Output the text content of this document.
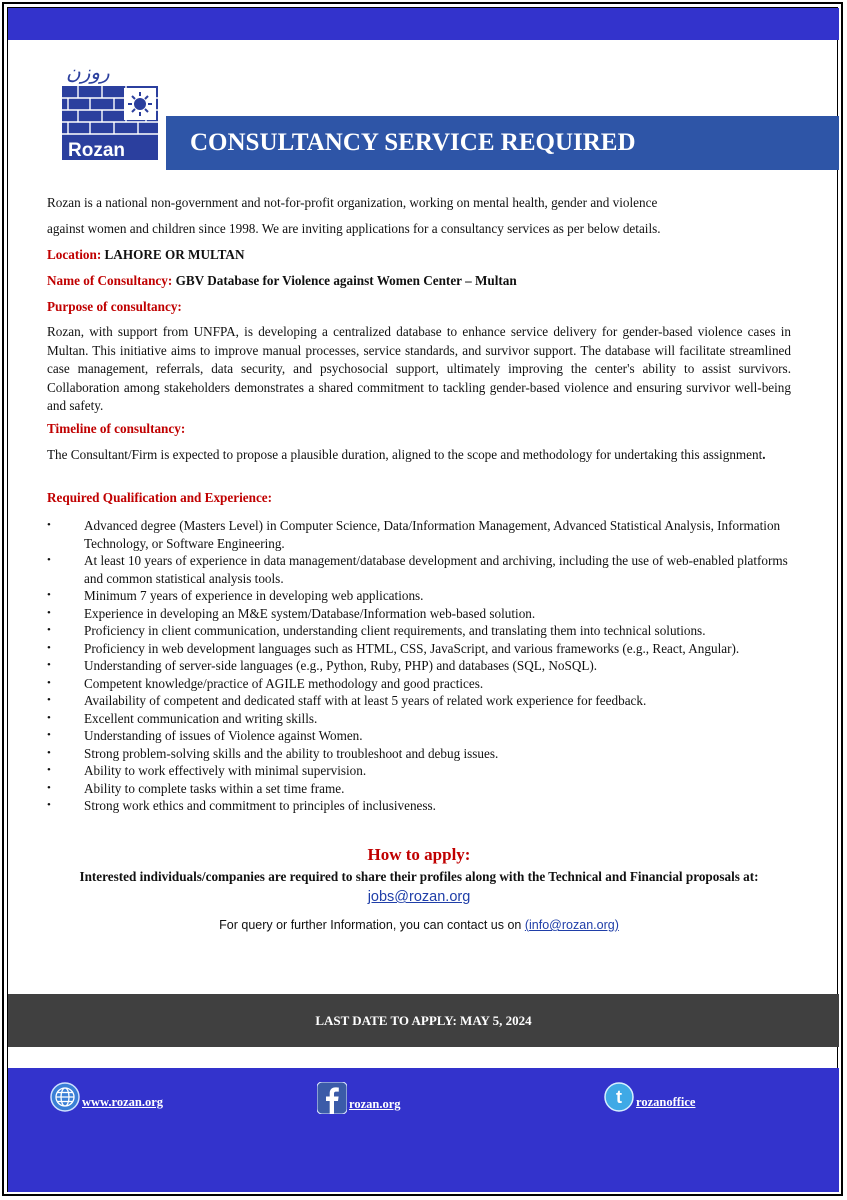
روزن
Rozan	CONSULTANCY SERVICE REQUIRED
Rozan is a national non-government and not-for-profit organization, working on mental health, gender and violence
against women and children since 1998. We are inviting applications for a consultancy services as per below details.
Location: LAHORE OR MULTAN
Name of Consultancy: GBV Database for Violence against Women Center – Multan
Purpose of consultancy:
Rozan, with support from UNFPA, is developing a centralized database to enhance service delivery for gender-based violence cases in Multan. This initiative aims to improve manual processes, service standards, and survivor support. The database will facilitate streamlined case management, referrals, data security, and psychosocial support, ultimately improving the center's ability to assist survivors. Collaboration among stakeholders demonstrates a shared commitment to tackling gender-based violence and ensuring survivor well-being and safety.
Timeline of consultancy:
The Consultant/Firm is expected to propose a plausible duration, aligned to the scope and methodology for undertaking this assignment.
Required Qualification and Experience:
• Advanced degree (Masters Level) in Computer Science, Data/Information Management, Advanced Statistical Analysis, Information Technology, or Software Engineering.
• At least 10 years of experience in data management/database development and archiving, including the use of web-enabled platforms and common statistical analysis tools.
• Minimum 7 years of experience in developing web applications.
• Experience in developing an M&E system/Database/Information web-based solution.
• Proficiency in client communication, understanding client requirements, and translating them into technical solutions.
• Proficiency in web development languages such as HTML, CSS, JavaScript, and various frameworks (e.g., React, Angular).
• Understanding of server-side languages (e.g., Python, Ruby, PHP) and databases (SQL, NoSQL).
• Competent knowledge/practice of AGILE methodology and good practices.
• Availability of competent and dedicated staff with at least 5 years of related work experience for feedback.
• Excellent communication and writing skills.
• Understanding of issues of Violence against Women.
• Strong problem-solving skills and the ability to troubleshoot and debug issues.
• Ability to work effectively with minimal supervision.
• Ability to complete tasks within a set time frame.
• Strong work ethics and commitment to principles of inclusiveness.
How to apply:
Interested individuals/companies are required to share their profiles along with the Technical and Financial proposals at:
jobs@rozan.org
For query or further Information, you can contact us on (info@rozan.org)
LAST DATE TO APPLY: MAY 5, 2024
www.rozan.org	rozan.org	t rozanoffice
